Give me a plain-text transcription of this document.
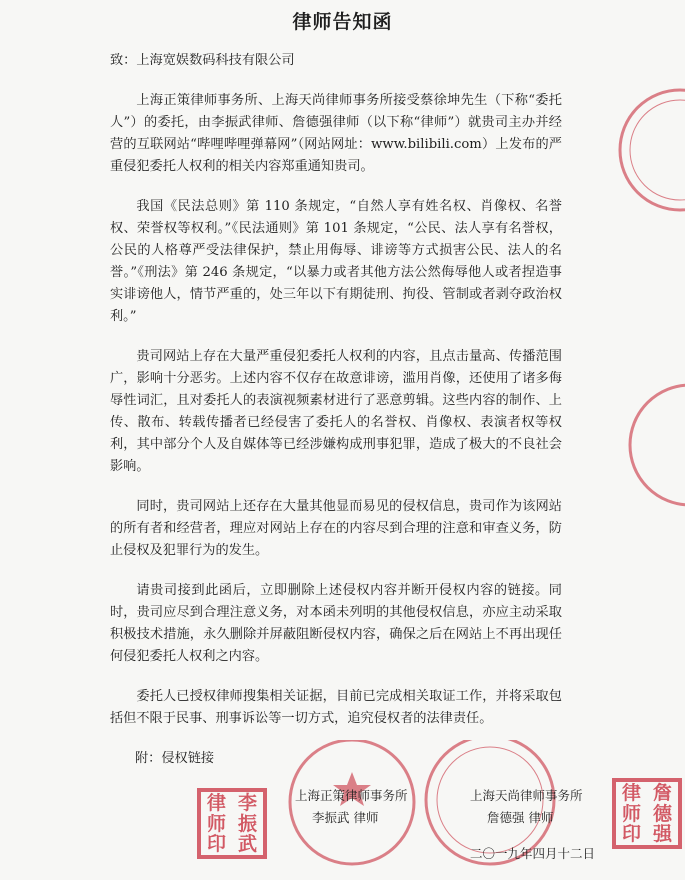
律师告知函
致：上海宽娱数码科技有限公司
上海正策律师事务所、上海天尚律师事务所接受蔡徐坤先生（下称“委托人”）的委托，由李振武律师、詹德强律师（以下称“律师”）就贵司主办并经营的互联网站“哔哩哔哩弹幕网”（网站网址：www.bilibili.com）上发布的严重侵犯委托人权利的相关内容郑重通知贵司。
我国《民法总则》第 110 条规定，“自然人享有姓名权、肖像权、名誉权、荣誉权等权利。”《民法通则》第 101 条规定，“公民、法人享有名誉权，公民的人格尊严受法律保护，禁止用侮辱、诽谤等方式损害公民、法人的名誉。”《刑法》第 246 条规定，“以暴力或者其他方法公然侮辱他人或者捏造事实诽谤他人，情节严重的，处三年以下有期徒刑、拘役、管制或者剥夺政治权利。”
贵司网站上存在大量严重侵犯委托人权利的内容，且点击量高、传播范围广，影响十分恶劣。上述内容不仅存在故意诽谤，滥用肖像，还使用了诸多侮辱性词汇，且对委托人的表演视频素材进行了恶意剪辑。这些内容的制作、上传、散布、转载传播者已经侵害了委托人的名誉权、肖像权、表演者权等权利，其中部分个人及自媒体等已经涉嫌构成刑事犯罪，造成了极大的不良社会影响。
同时，贵司网站上还存在大量其他显而易见的侵权信息，贵司作为该网站的所有者和经营者，理应对网站上存在的内容尽到合理的注意和审查义务，防止侵权及犯罪行为的发生。
请贵司接到此函后，立即删除上述侵权内容并断开侵权内容的链接。同时，贵司应尽到合理注意义务，对本函未列明的其他侵权信息，亦应主动采取积极技术措施，永久删除并屏蔽阻断侵权内容，确保之后在网站上不再出现任何侵犯委托人权利之内容。
委托人已授权律师搜集相关证据，目前已完成相关取证工作，并将采取包括但不限于民事、刑事诉讼等一切方式，追究侵权者的法律责任。
附：侵权链接
律 李
师 振
印 武
律 詹
师 德
印 强
上海正策律师事务所
李振武 律师
上海天尚律师事务所
詹德强 律师
二〇一九年四月十二日
